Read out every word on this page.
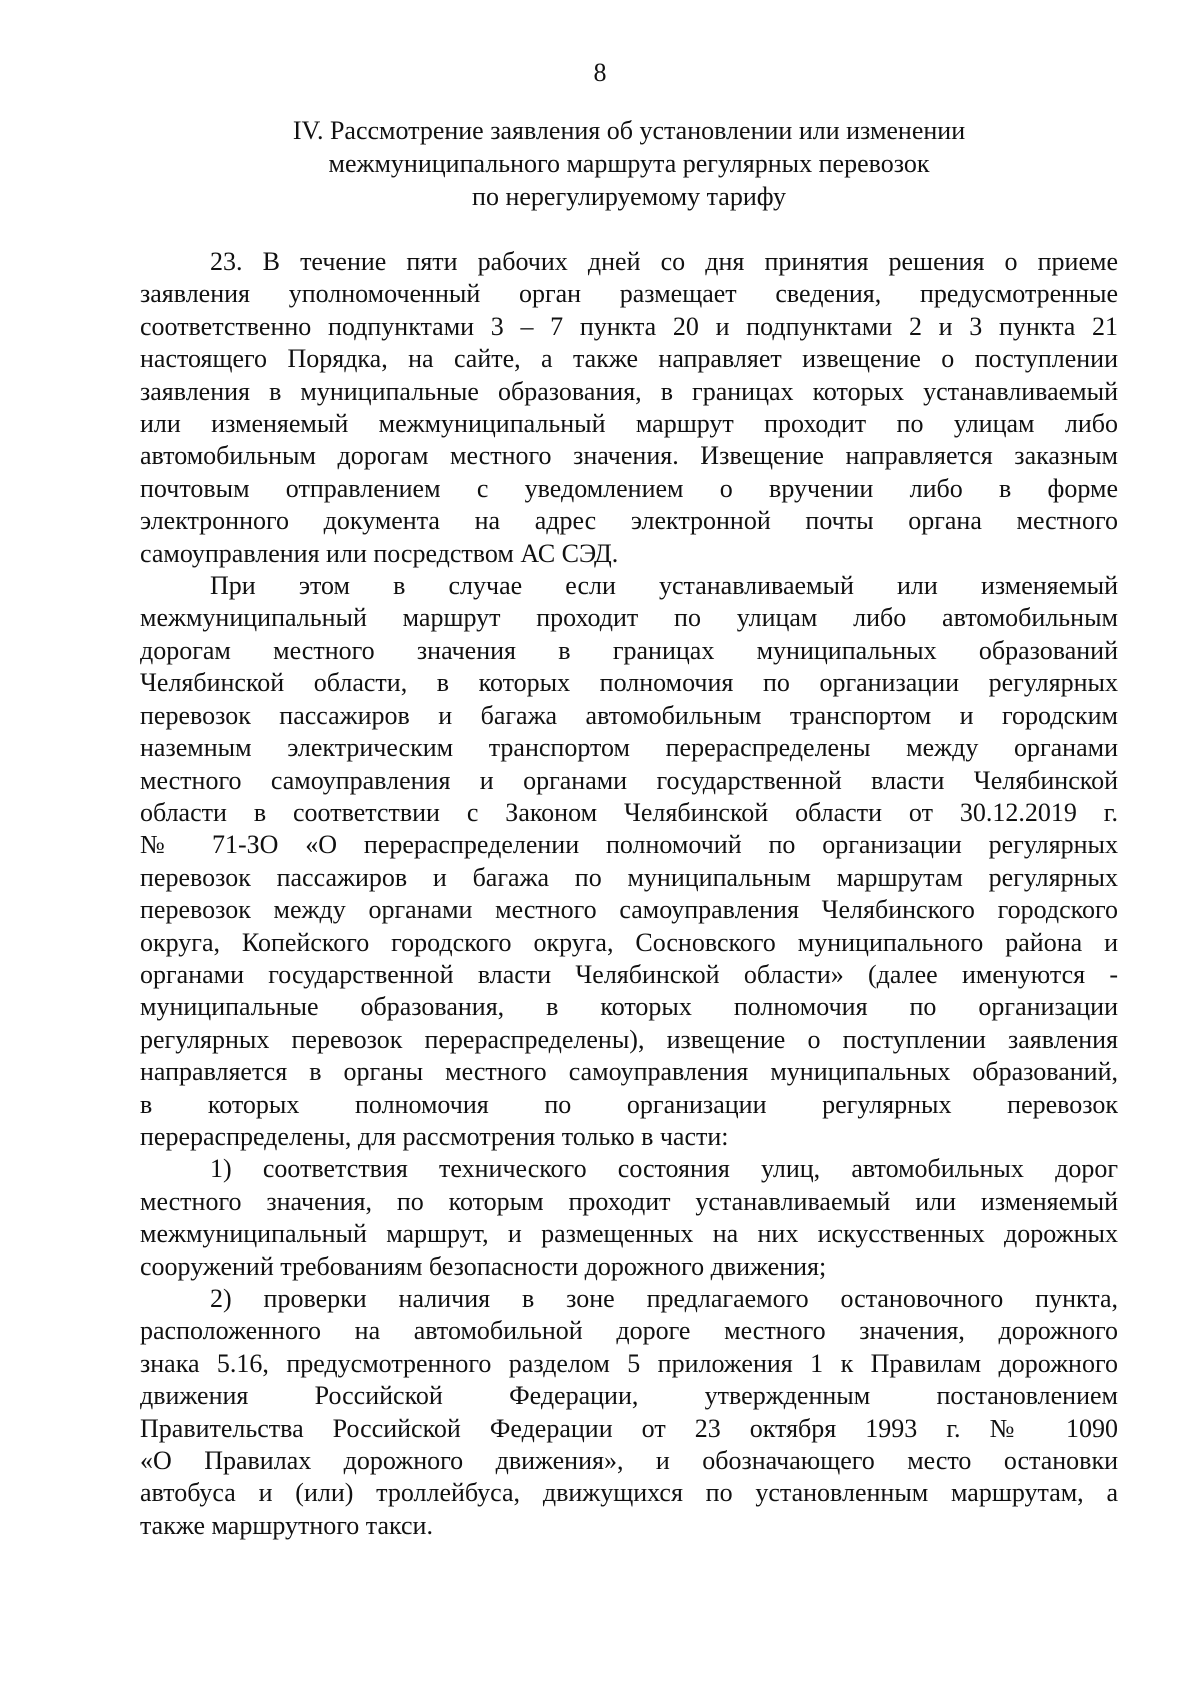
8
IV. Рассмотрение заявления об установлении или изменении
межмуниципального маршрута регулярных перевозок
по нерегулируемому тарифу

23. В течение пяти рабочих дней со дня принятия решения о приеме
заявления уполномоченный орган размещает сведения, предусмотренные
соответственно подпунктами 3 – 7 пункта 20 и подпунктами 2 и 3 пункта 21
настоящего Порядка, на сайте, а также направляет извещение о поступлении
заявления в муниципальные образования, в границах которых устанавливаемый
или изменяемый межмуниципальный маршрут проходит по улицам либо
автомобильным дорогам местного значения. Извещение направляется заказным
почтовым отправлением с уведомлением о вручении либо в форме
электронного документа на адрес электронной почты органа местного
самоуправления или посредством АС СЭД.

При этом в случае если устанавливаемый или изменяемый
межмуниципальный маршрут проходит по улицам либо автомобильным
дорогам местного значения в границах муниципальных образований
Челябинской области, в которых полномочия по организации регулярных
перевозок пассажиров и багажа автомобильным транспортом и городским
наземным электрическим транспортом перераспределены между органами
местного самоуправления и органами государственной власти Челябинской
области в соответствии с Законом Челябинской области от 30.12.2019 г.
№ 71-ЗО «О перераспределении полномочий по организации регулярных
перевозок пассажиров и багажа по муниципальным маршрутам регулярных
перевозок между органами местного самоуправления Челябинского городского
округа, Копейского городского округа, Сосновского муниципального района и
органами государственной власти Челябинской области» (далее именуются -
муниципальные образования, в которых полномочия по организации
регулярных перевозок перераспределены), извещение о поступлении заявления
направляется в органы местного самоуправления муниципальных образований,
в которых полномочия по организации регулярных перевозок
перераспределены, для рассмотрения только в части:

1) соответствия технического состояния улиц, автомобильных дорог
местного значения, по которым проходит устанавливаемый или изменяемый
межмуниципальный маршрут, и размещенных на них искусственных дорожных
сооружений требованиям безопасности дорожного движения;

2) проверки наличия в зоне предлагаемого остановочного пункта,
расположенного на автомобильной дороге местного значения, дорожного
знака 5.16, предусмотренного разделом 5 приложения 1 к Правилам дорожного
движения Российской Федерации, утвержденным постановлением
Правительства Российской Федерации от 23 октября 1993 г. № 1090
«О Правилах дорожного движения», и обозначающего место остановки
автобуса и (или) троллейбуса, движущихся по установленным маршрутам, а
также маршрутного такси.
